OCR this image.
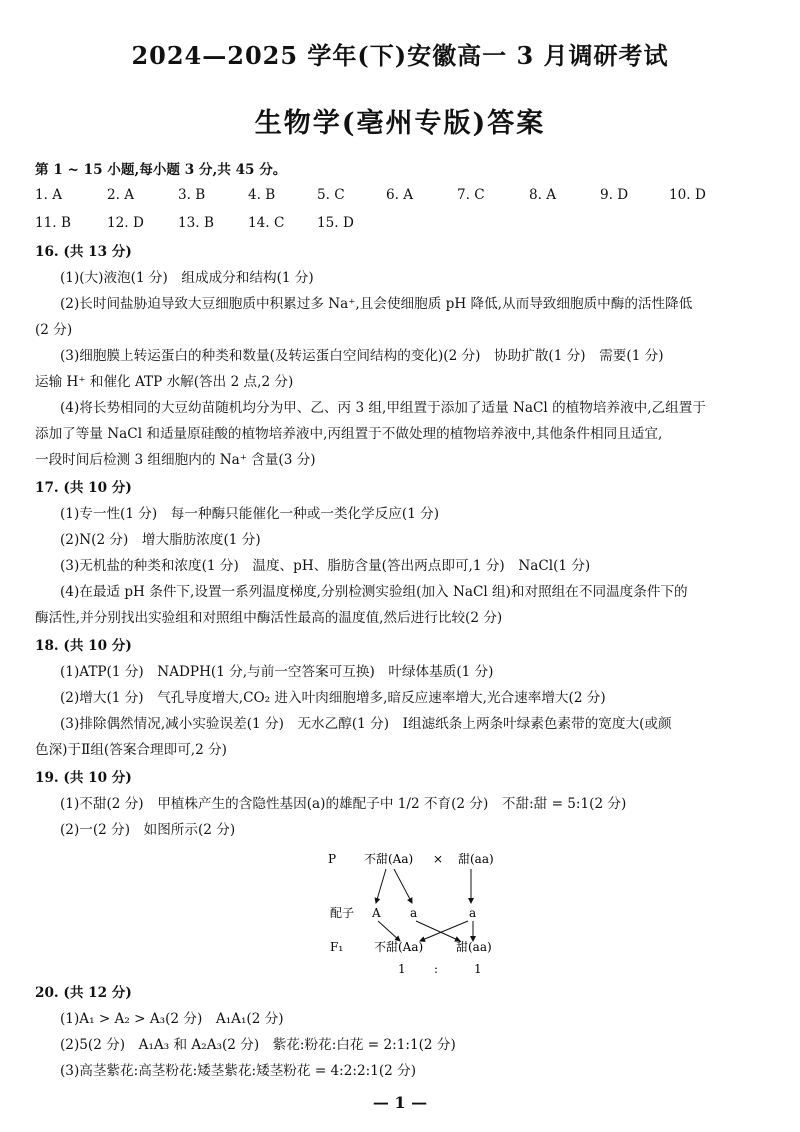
2024—2025 学年(下)安徽高一 3 月调研考试
生物学(亳州专版)答案
第 1 ~ 15 小题,每小题 3 分,共 45 分。
1. A	2. A	3. B	4. B	5. C	6. A	7. C	8. A	9. D	10. D
11. B	12. D	13. B	14. C 15. D
16. (共 13 分)
(1)(大)液泡(1 分)　组成成分和结构(1 分)
(2)长时间盐胁迫导致大豆细胞质中积累过多 Na⁺,且会使细胞质 pH 降低,从而导致细胞质中酶的活性降低
(2 分)
(3)细胞膜上转运蛋白的种类和数量(及转运蛋白空间结构的变化)(2 分)　协助扩散(1 分)　需要(1 分)
运输 H⁺ 和催化 ATP 水解(答出 2 点,2 分)
(4)将长势相同的大豆幼苗随机均分为甲、乙、丙 3 组,甲组置于添加了适量 NaCl 的植物培养液中,乙组置于
添加了等量 NaCl 和适量原硅酸的植物培养液中,丙组置于不做处理的植物培养液中,其他条件相同且适宜,
一段时间后检测 3 组细胞内的 Na⁺ 含量(3 分)
17. (共 10 分)
(1)专一性(1 分)　每一种酶只能催化一种或一类化学反应(1 分)
(2)N(2 分)　增大脂肪浓度(1 分)
(3)无机盐的种类和浓度(1 分)　温度、pH、脂肪含量(答出两点即可,1 分)　NaCl(1 分)
(4)在最适 pH 条件下,设置一系列温度梯度,分别检测实验组(加入 NaCl 组)和对照组在不同温度条件下的
酶活性,并分别找出实验组和对照组中酶活性最高的温度值,然后进行比较(2 分)
18. (共 10 分)
(1)ATP(1 分)　NADPH(1 分,与前一空答案可互换)　叶绿体基质(1 分)
(2)增大(1 分)　气孔导度增大,CO₂ 进入叶肉细胞增多,暗反应速率增大,光合速率增大(2 分)
(3)排除偶然情况,减小实验误差(1 分)　无水乙醇(1 分)　Ⅰ组滤纸条上两条叶绿素色素带的宽度大(或颜
色深)于Ⅱ组(答案合理即可,2 分)
19. (共 10 分)
(1)不甜(2 分)　甲植株产生的含隐性基因(a)的雄配子中 1/2 不育(2 分)　不甜:甜 = 5:1(2 分)
(2)一(2 分)　如图所示(2 分)
20. (共 12 分)
(1)A₁ > A₂ > A₃(2 分)　A₁A₁(2 分)
(2)5(2 分)　A₁A₃ 和 A₂A₃(2 分)　紫花:粉花:白花 = 2:1:1(2 分)
(3)高茎紫花:高茎粉花:矮茎紫花:矮茎粉花 = 4:2:2:1(2 分)
P 不甜(Aa) × 甜(aa)
配子 A a	a
F₁	不甜(Aa)	甜(aa)
1 :	1
— 1 —
